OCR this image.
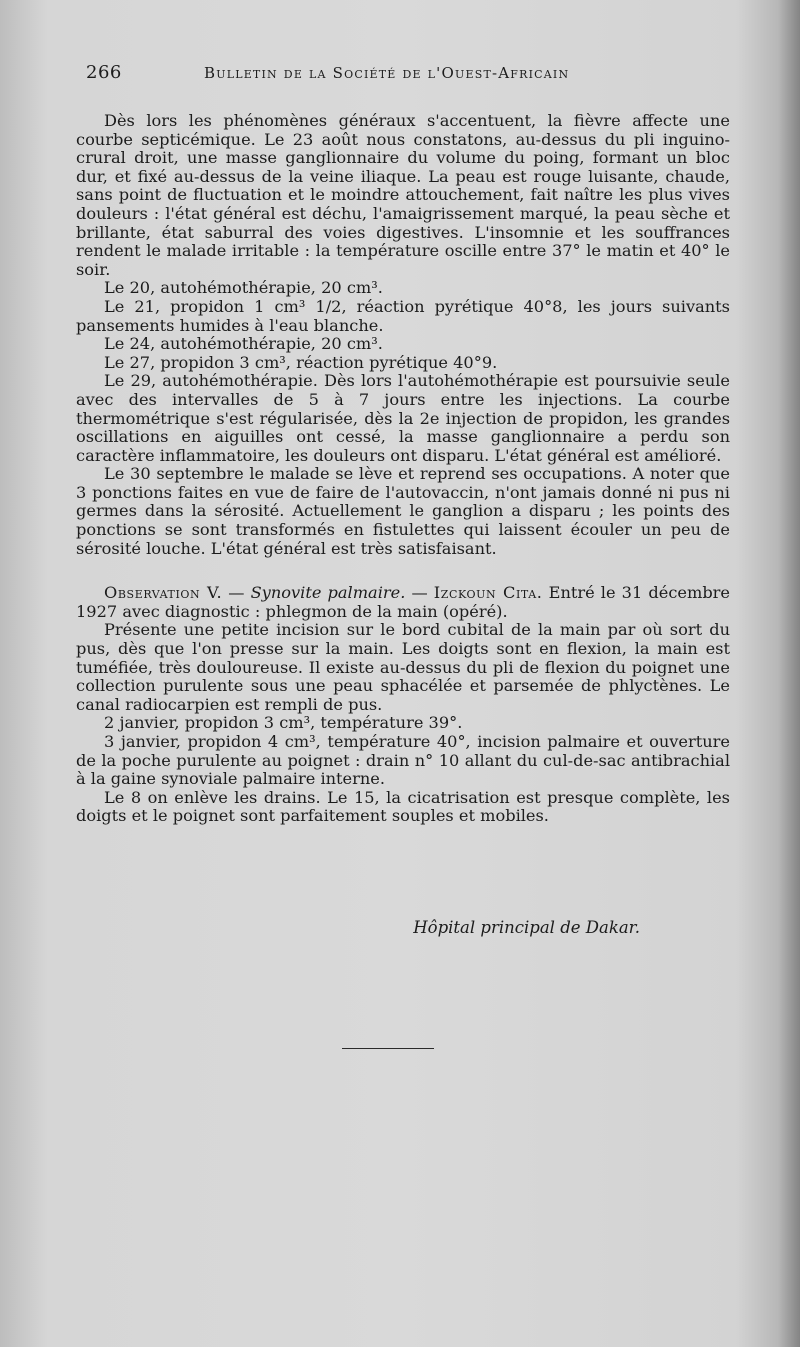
266	Bulletin de la Société de l'Ouest-Africain

Dès lors les phénomènes généraux s'accentuent, la fièvre affecte une courbe septicémique. Le 23 août nous constatons, au-dessus du pli inguino-crural droit, une masse ganglionnaire du volume du poing, formant un bloc dur, et fixé au-dessus de la veine iliaque. La peau est rouge luisante, chaude, sans point de fluctuation et le moindre attouchement, fait naître les plus vives douleurs : l'état général est déchu, l'amaigrissement marqué, la peau sèche et brillante, état saburral des voies digestives. L'insomnie et les souffrances rendent le malade irritable : la température oscille entre 37° le matin et 40° le soir.

Le 20, autohémothérapie, 20 cm³.

Le 21, propidon 1 cm³ 1/2, réaction pyrétique 40°8, les jours suivants pansements humides à l'eau blanche.

Le 24, autohémothérapie, 20 cm³.

Le 27, propidon 3 cm³, réaction pyrétique 40°9.

Le 29, autohémothérapie. Dès lors l'autohémothérapie est poursuivie seule avec des intervalles de 5 à 7 jours entre les injections. La courbe thermométrique s'est régularisée, dès la 2e injection de propidon, les grandes oscillations en aiguilles ont cessé, la masse ganglionnaire a perdu son caractère inflammatoire, les douleurs ont disparu. L'état général est amélioré.

Le 30 septembre le malade se lève et reprend ses occupations. A noter que 3 ponctions faites en vue de faire de l'autovaccin, n'ont jamais donné ni pus ni germes dans la sérosité. Actuellement le ganglion a disparu ; les points des ponctions se sont transformés en fistulettes qui laissent écouler un peu de sérosité louche. L'état général est très satisfaisant.

Observation V. — Synovite palmaire. — Izckoun Cita. Entré le 31 décembre 1927 avec diagnostic : phlegmon de la main (opéré).

Présente une petite incision sur le bord cubital de la main par où sort du pus, dès que l'on presse sur la main. Les doigts sont en flexion, la main est tuméfiée, très douloureuse. Il existe au-dessus du pli de flexion du poignet une collection purulente sous une peau sphacélée et parsemée de phlyctènes. Le canal radiocarpien est rempli de pus.

2 janvier, propidon 3 cm³, température 39°.

3 janvier, propidon 4 cm³, température 40°, incision palmaire et ouverture de la poche purulente au poignet : drain n° 10 allant du cul-de-sac antibrachial à la gaine synoviale palmaire interne.

Le 8 on enlève les drains. Le 15, la cicatrisation est presque complète, les doigts et le poignet sont parfaitement souples et mobiles.

Hôpital principal de Dakar.
